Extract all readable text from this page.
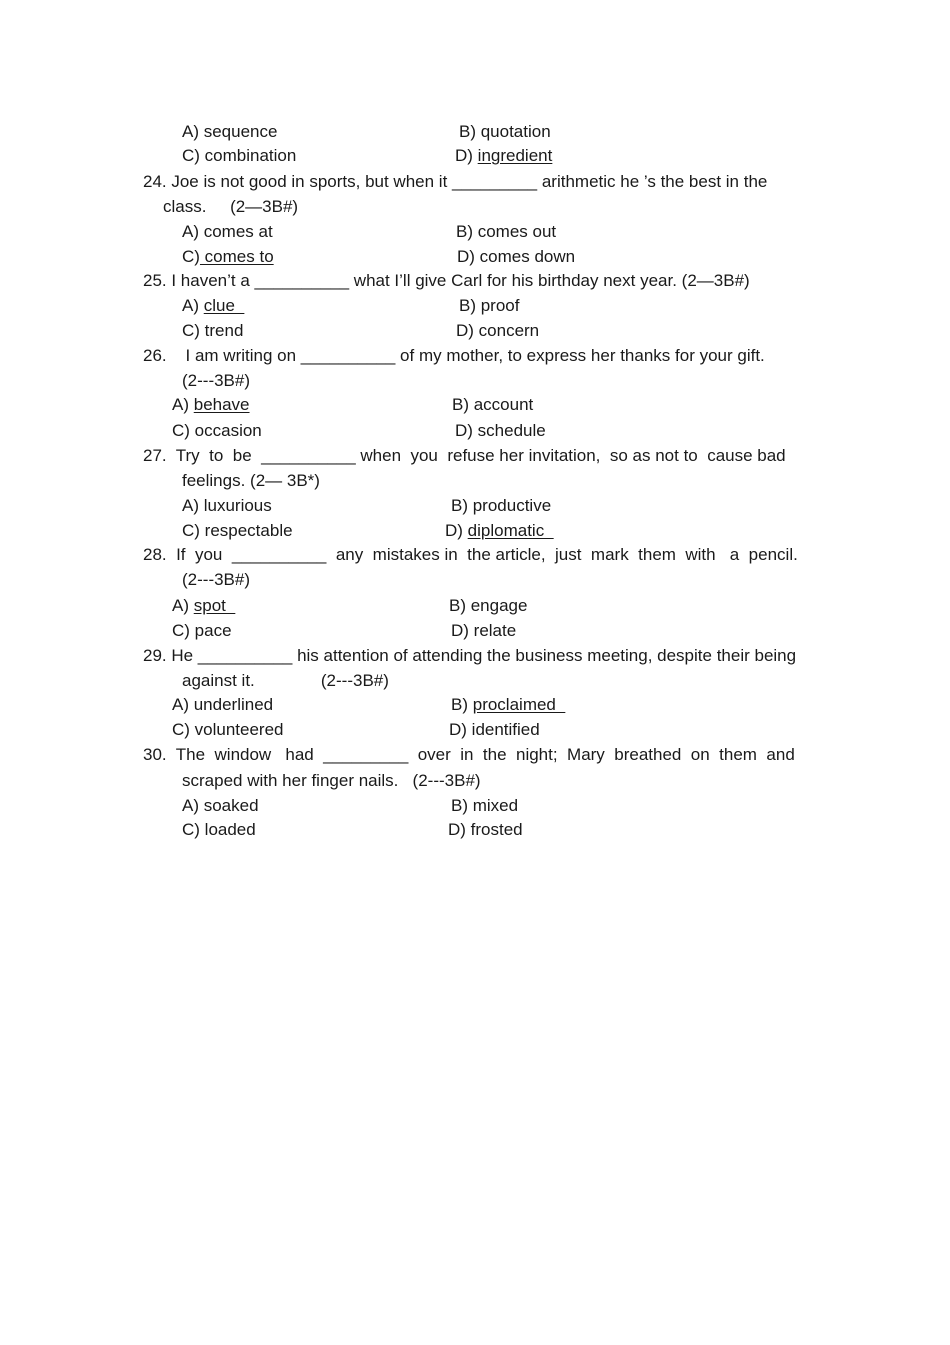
A) sequence	B) quotation
C) combination	D) ingredient
24. Joe is not good in sports, but when it _________ arithmetic he ’s the best in the
class.     (2—3B#)
A) comes at	B) comes out
C) comes to	D) comes down
25. I haven’t a __________ what I’ll give Carl for his birthday next year. (2—3B#)
A) clue	B) proof
C) trend	D) concern
26.    I am writing on __________ of my mother, to express her thanks for your gift.
(2---3B#)
A) behave	B) account
C) occasion	D) schedule
27.  Try  to  be  __________ when  you  refuse her invitation,  so as not to  cause bad
feelings. (2— 3B*)
A) luxurious	B) productive
C) respectable	D) diplomatic
28.  If  you  __________  any  mistakes in  the article,  just  mark  them  with   a  pencil.
(2---3B#)
A) spot	B) engage
C) pace	D) relate
29. He __________ his attention of attending the business meeting, despite their being
against it.              (2---3B#)
A) underlined	B) proclaimed
C) volunteered	D) identified
30.  The  window   had  _________  over  in  the  night;  Mary  breathed  on  them  and
scraped with her finger nails.   (2---3B#)
A) soaked	B) mixed
C) loaded	D) frosted
